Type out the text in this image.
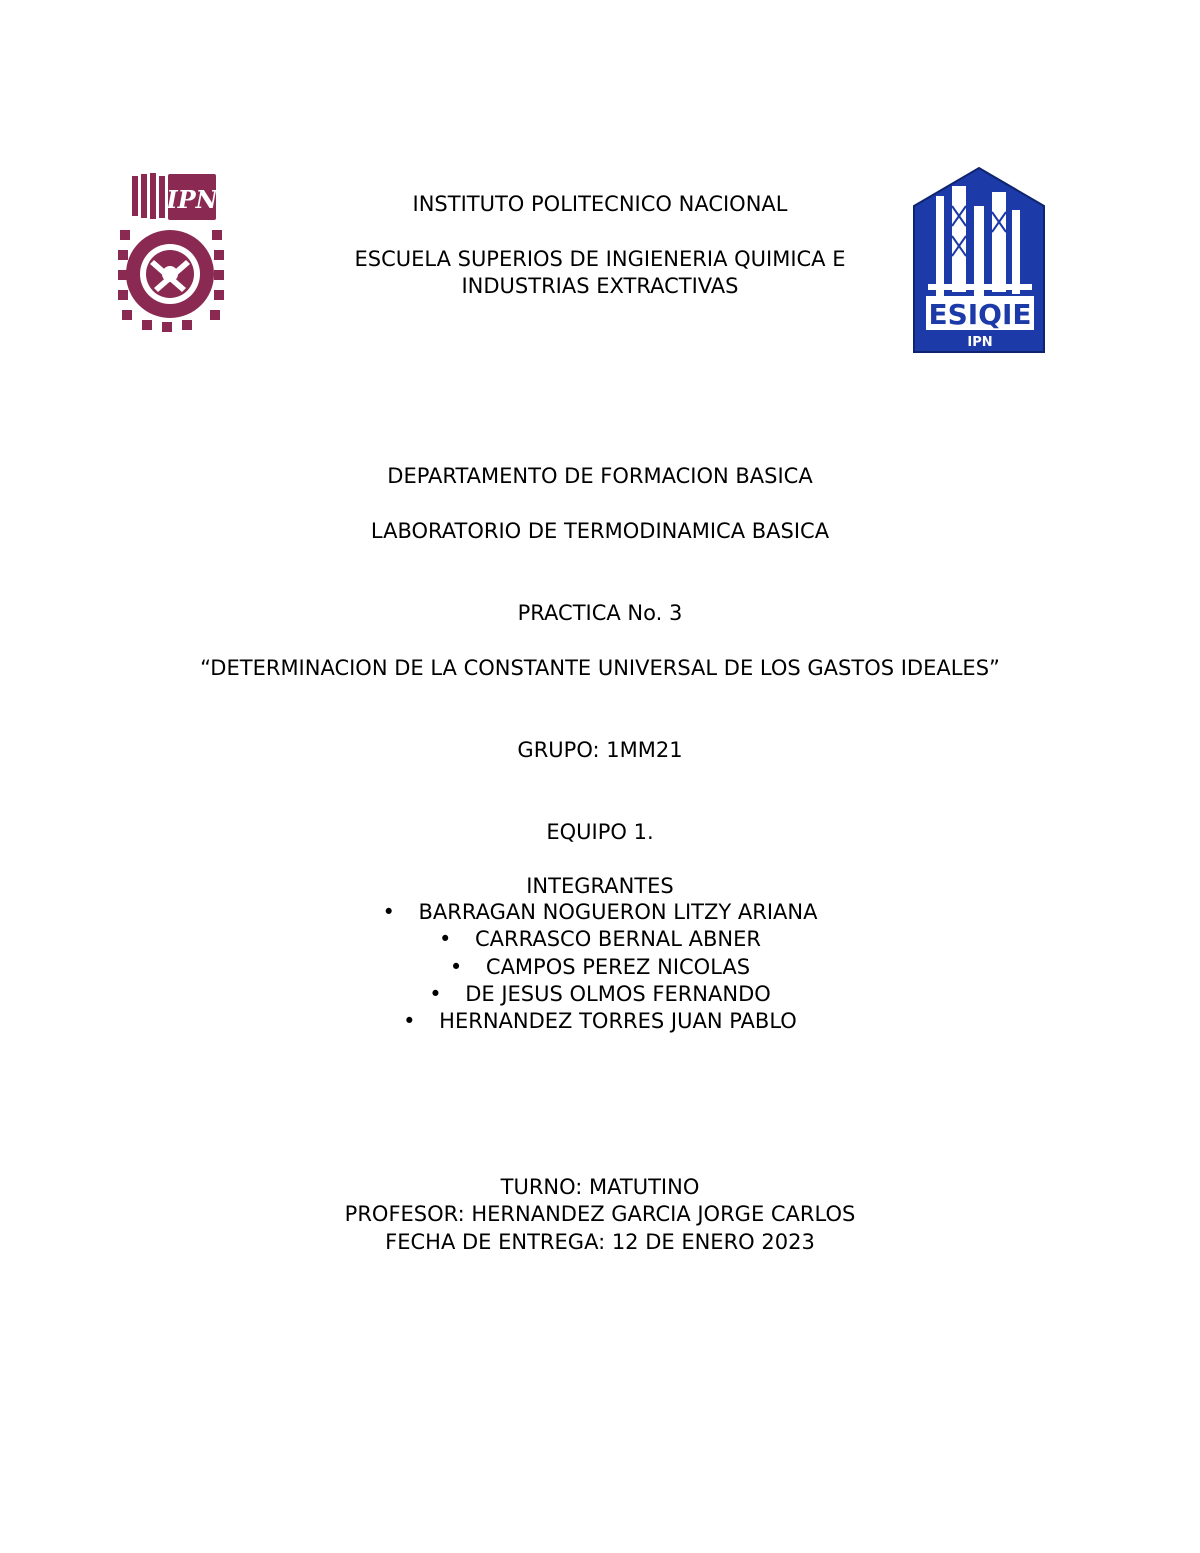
IPN
ESIQIE
IPN
INSTITUTO POLITECNICO NACIONAL
ESCUELA SUPERIOS DE INGIENERIA QUIMICA E
INDUSTRIAS EXTRACTIVAS
DEPARTAMENTO DE FORMACION BASICA
LABORATORIO DE TERMODINAMICA BASICA
PRACTICA No. 3
“DETERMINACION DE LA CONSTANTE UNIVERSAL DE LOS GASTOS IDEALES”
GRUPO: 1MM21
EQUIPO 1.
INTEGRANTES
• BARRAGAN NOGUERON LITZY ARIANA
• CARRASCO BERNAL ABNER
• CAMPOS PEREZ NICOLAS
• DE JESUS OLMOS FERNANDO
• HERNANDEZ TORRES JUAN PABLO
TURNO: MATUTINO
PROFESOR: HERNANDEZ GARCIA JORGE CARLOS
FECHA DE ENTREGA: 12 DE ENERO 2023
